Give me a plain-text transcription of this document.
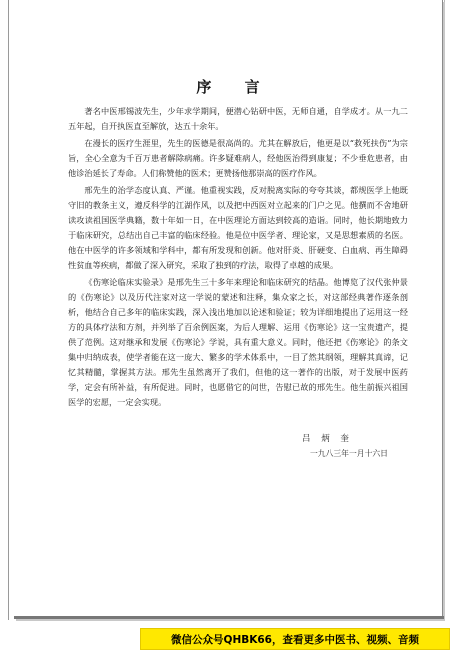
序 言

著名中医邢锡波先生，少年求学期间，便潜心钻研中医，无师自通，自学成才。从一九二五年起，自开执医直至解放，达五十余年。

在漫长的医疗生涯里，先生的医德是很高尚的。尤其在解放后，他更是以“救死扶伤”为宗旨，全心全意为千百万患者解除病痛。许多疑难病人，经他医治得到康复；不少垂危患者，由他诊治延长了寿命。人们称赞他的医术；更赞扬他那崇高的医疗作风。

邢先生的治学态度认真、严谨。他重视实践，反对脱离实际的夸夸其谈，都规医学上他既守旧的教条主义，遵反科学的江湖作风，以及把中西医对立起来的门户之见。他撰而不舍地研读攻读祖国医学典籍，数十年如一日，在中医理论方面达到较高的造诣。同时，他长期地致力于临床研究，总结出自己丰富的临床经验。他是位中医学者、理论家，又是思想素质的名医。他在中医学的许多领域和学科中，都有所发现和创新。他对肝炎、肝硬变、白血病、再生障碍性贫血等疾病，都做了深入研究，采取了独到的疗法，取得了卓越的成果。

《伤寒论临床实验录》是邢先生三十多年来理论和临床研究的结晶。他博览了汉代张仲景的《伤寒论》以及历代注家对这一学说的蒙述和注释，集众家之长，对这部经典著作逐条剖析，他结合自己多年的临床实践，深入浅出地加以论述和验证；较为详细地提出了运用这一经方的具体疗法和方剂，并列举了百余例医案，为后人理解、运用《伤寒论》这一宝贵遗产，提供了范例。这对继承和发展《伤寒论》学说，具有重大意义。同时，他还把《伤寒论》的条文集中归纳成表，使学者能在这一庞大、繁多的学术体系中，一目了然其纲领，理解其真谛，记忆其精髓，掌握其方法。邢先生虽然离开了我们，但他的这一著作的出版，对于发展中医药学，定会有所补益，有所促进。同时，也愿借它的问世，告慰已故的邢先生。他生前振兴祖国医学的宏愿，一定会实现。

吕 炳 奎
一九八三年一月十六日
微信公众号QHBK66，查看更多中医书、视频、音频
